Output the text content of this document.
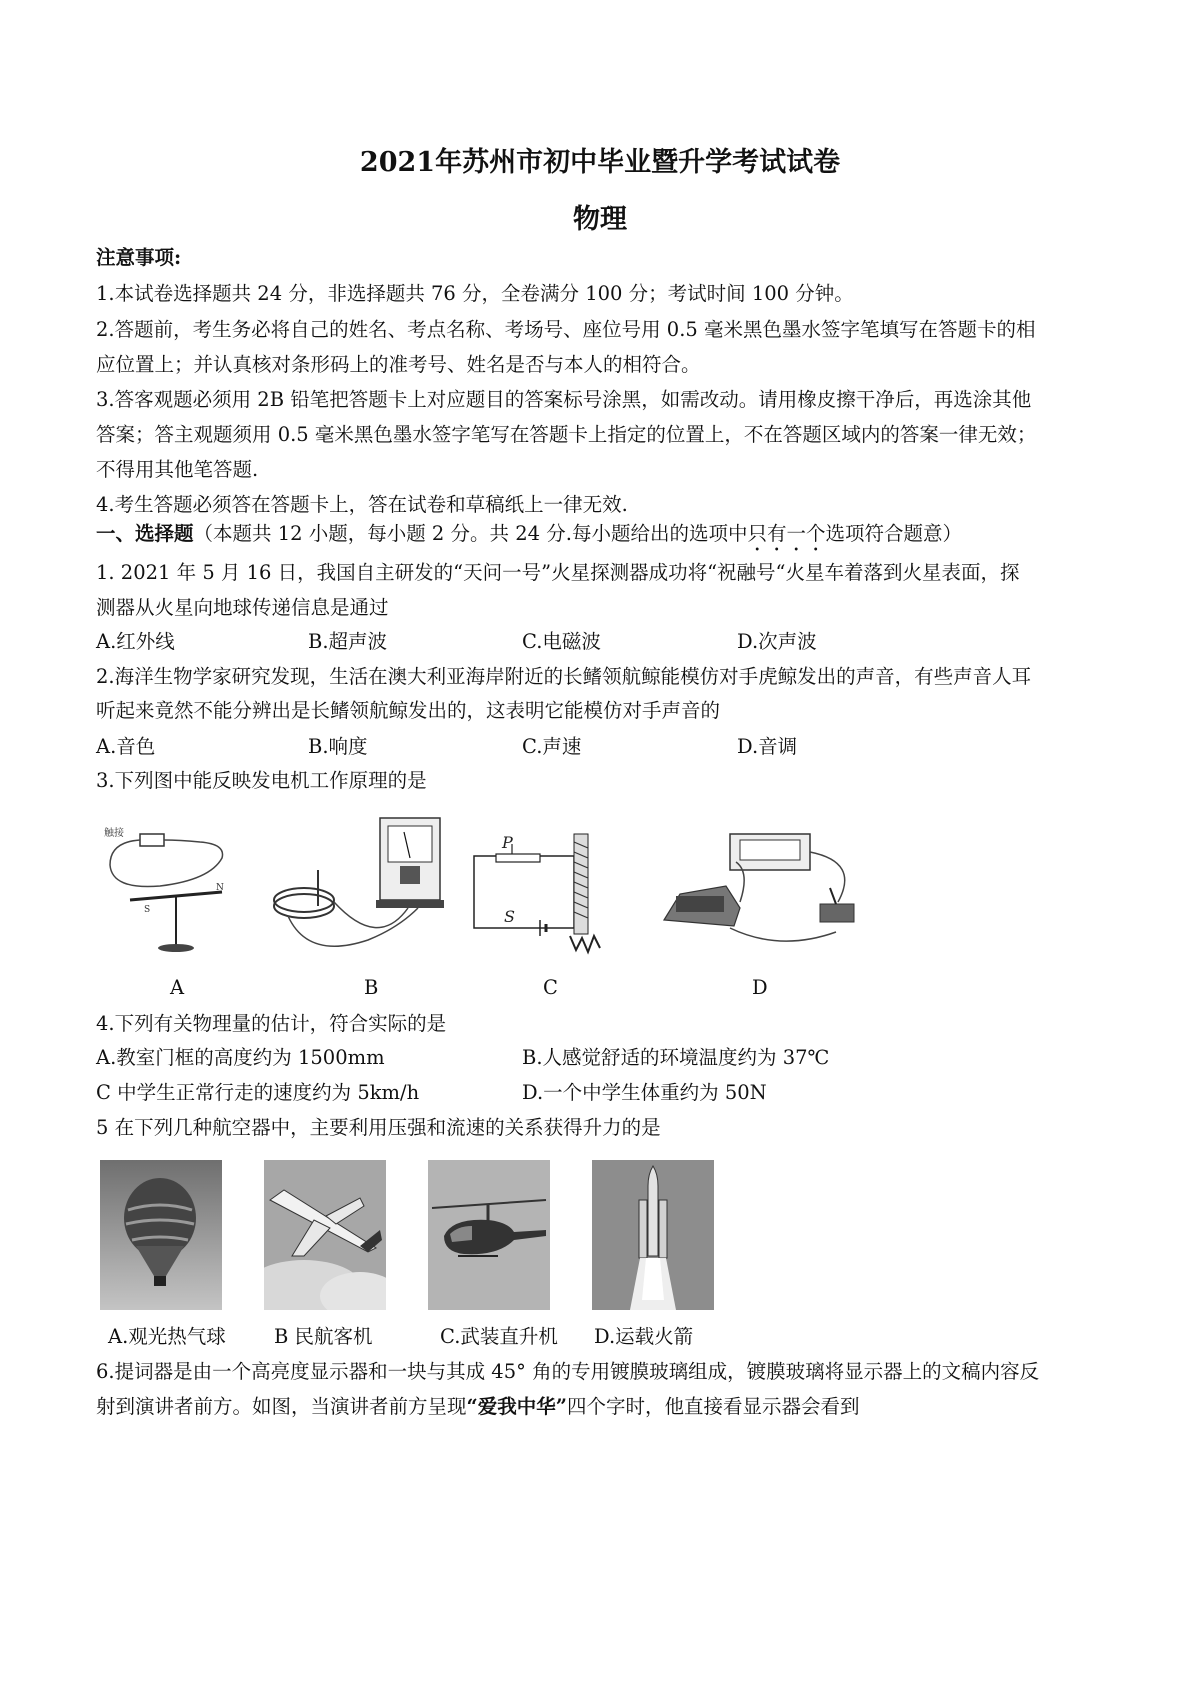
2021年苏州市初中毕业暨升学考试试卷
物理
注意事项:
1.本试卷选择题共 24 分，非选择题共 76 分，全卷满分 100 分；考试时间 100 分钟。
2.答题前，考生务必将自己的姓名、考点名称、考场号、座位号用 0.5 毫米黑色墨水签字笔填写在答题卡的相
应位置上；并认真核对条形码上的准考号、姓名是否与本人的相符合。
3.答客观题必须用 2B 铅笔把答题卡上对应题目的答案标号涂黑，如需改动。请用橡皮擦干净后，再选涂其他
答案；答主观题须用 0.5 毫米黑色墨水签字笔写在答题卡上指定的位置上，不在答题区域内的答案一律无效；
不得用其他笔答题.
4.考生答题必须答在答题卡上，答在试卷和草稿纸上一律无效.
一、选择题（本题共 12 小题，每小题 2 分。共 24 分.每小题给出的选项中只有一个选项符合题意）
1. 2021 年 5 月 16 日，我国自主研发的“天问一号”火星探测器成功将“祝融号“火星车着落到火星表面，探
测器从火星向地球传递信息是通过
A.红外线	B.超声波	C.电磁波	D.次声波
2.海洋生物学家研究发现，生活在澳大利亚海岸附近的长鳍领航鲸能模仿对手虎鲸发出的声音，有些声音人耳
听起来竟然不能分辨出是长鳍领航鲸发出的，这表明它能模仿对手声音的
A.音色	B.响度	C.声速	D.音调
3.下列图中能反映发电机工作原理的是
触接
S
N
P
S
A	B	C	D
4.下列有关物理量的估计，符合实际的是
A.教室门框的高度约为 1500mm	B.人感觉舒适的环境温度约为 37℃
C 中学生正常行走的速度约为 5km/h	D.一个中学生体重约为 50N
5 在下列几种航空器中，主要利用压强和流速的关系获得升力的是
A.观光热气球 B 民航客机	C.武装直升机 D.运载火箭
6.提词器是由一个高亮度显示器和一块与其成 45° 角的专用镀膜玻璃组成，镀膜玻璃将显示器上的文稿内容反
射到演讲者前方。如图，当演讲者前方呈现“爱我中华”四个字时，他直接看显示器会看到
